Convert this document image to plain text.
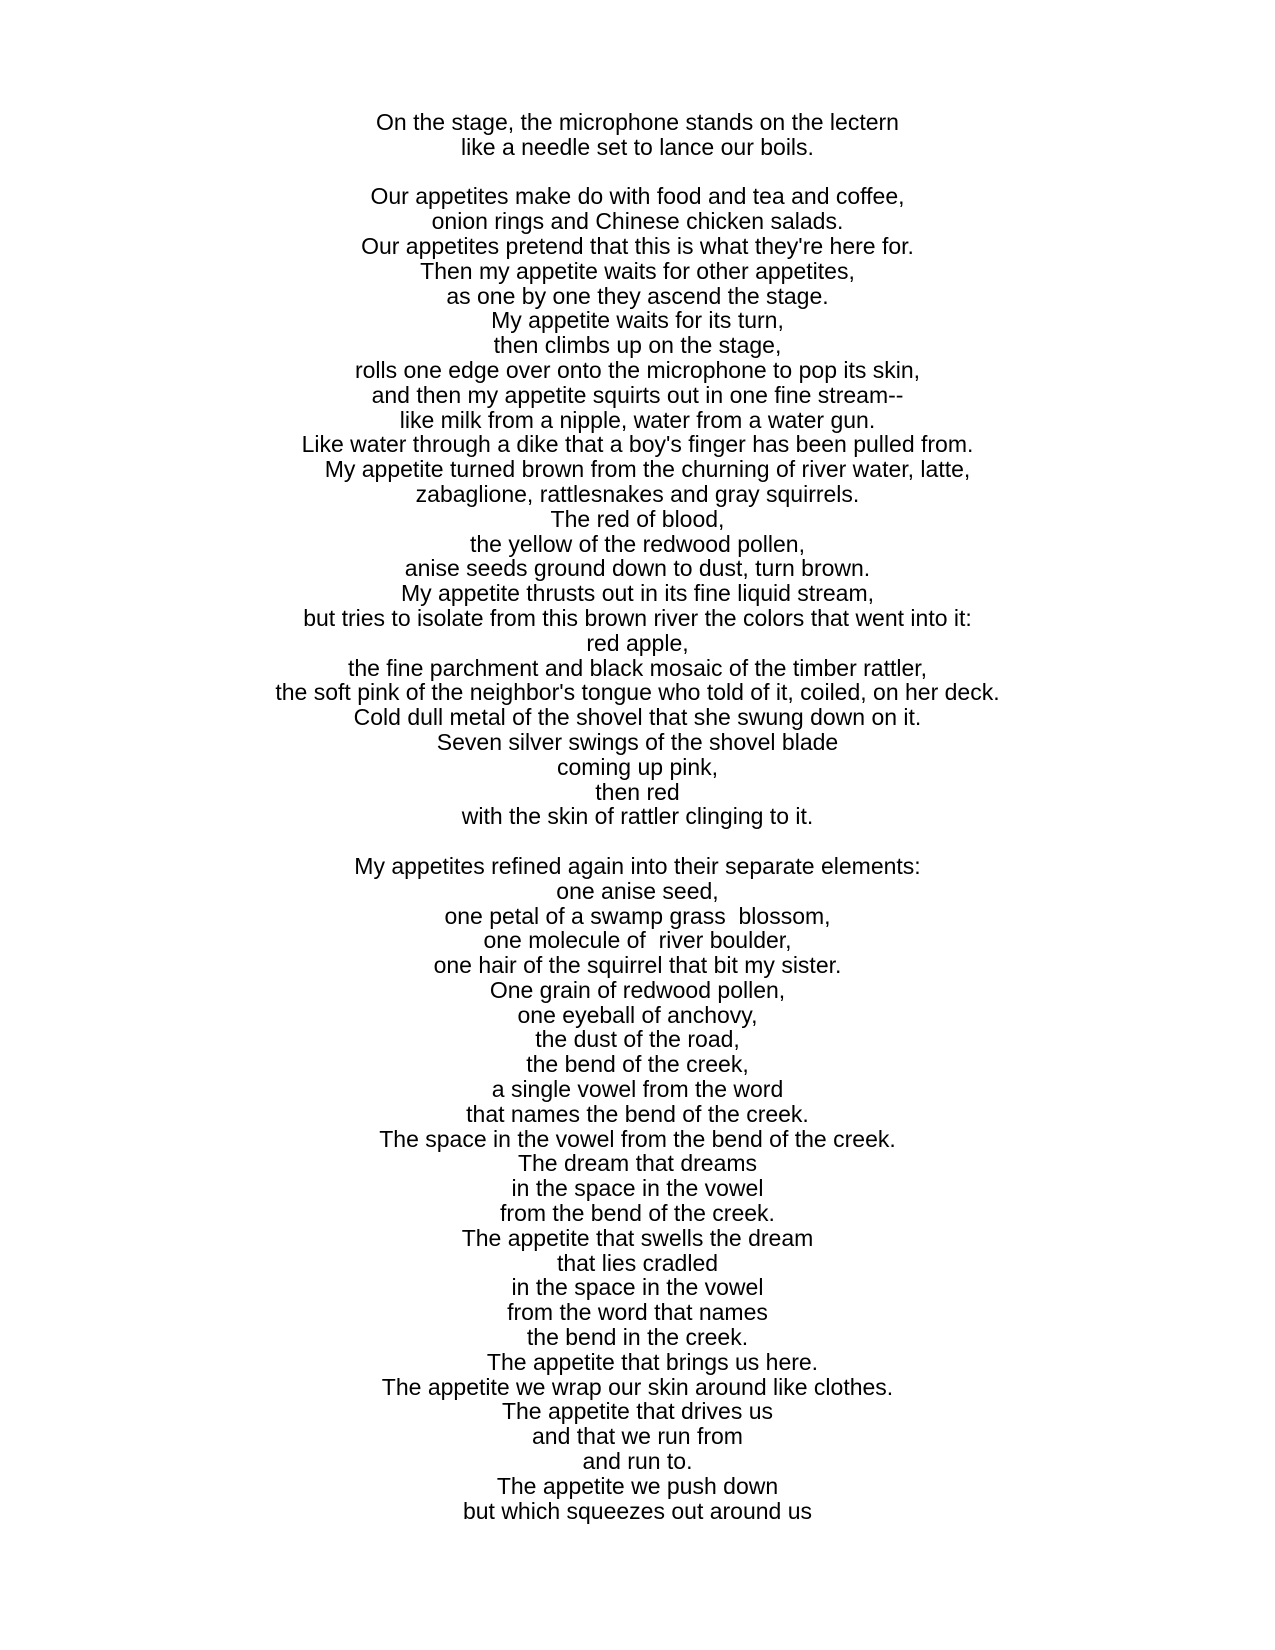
On the stage, the microphone stands on the lectern
like a needle set to lance our boils.
Our appetites make do with food and tea and coffee,
onion rings and Chinese chicken salads.
Our appetites pretend that this is what they're here for.
Then my appetite waits for other appetites,
as one by one they ascend the stage.
My appetite waits for its turn,
then climbs up on the stage,
rolls one edge over onto the microphone to pop its skin,
and then my appetite squirts out in one fine stream--
like milk from a nipple, water from a water gun.
Like water through a dike that a boy's finger has been pulled from.
My appetite turned brown from the churning of river water, latte,
zabaglione, rattlesnakes and gray squirrels.
The red of blood,
the yellow of the redwood pollen,
anise seeds ground down to dust, turn brown.
My appetite thrusts out in its fine liquid stream,
but tries to isolate from this brown river the colors that went into it:
red apple,
the fine parchment and black mosaic of the timber rattler,
the soft pink of the neighbor's tongue who told of it, coiled, on her deck.
Cold dull metal of the shovel that she swung down on it.
Seven silver swings of the shovel blade
coming up pink,
then red
with the skin of rattler clinging to it.
My appetites refined again into their separate elements:
one anise seed,
one petal of a swamp grass  blossom,
one molecule of  river boulder,
one hair of the squirrel that bit my sister.
One grain of redwood pollen,
one eyeball of anchovy,
the dust of the road,
the bend of the creek,
a single vowel from the word
that names the bend of the creek.
The space in the vowel from the bend of the creek.
The dream that dreams
in the space in the vowel
from the bend of the creek.
The appetite that swells the dream
that lies cradled
in the space in the vowel
from the word that names
the bend in the creek.
The appetite that brings us here.
The appetite we wrap our skin around like clothes.
The appetite that drives us
and that we run from
and run to.
The appetite we push down
but which squeezes out around us
